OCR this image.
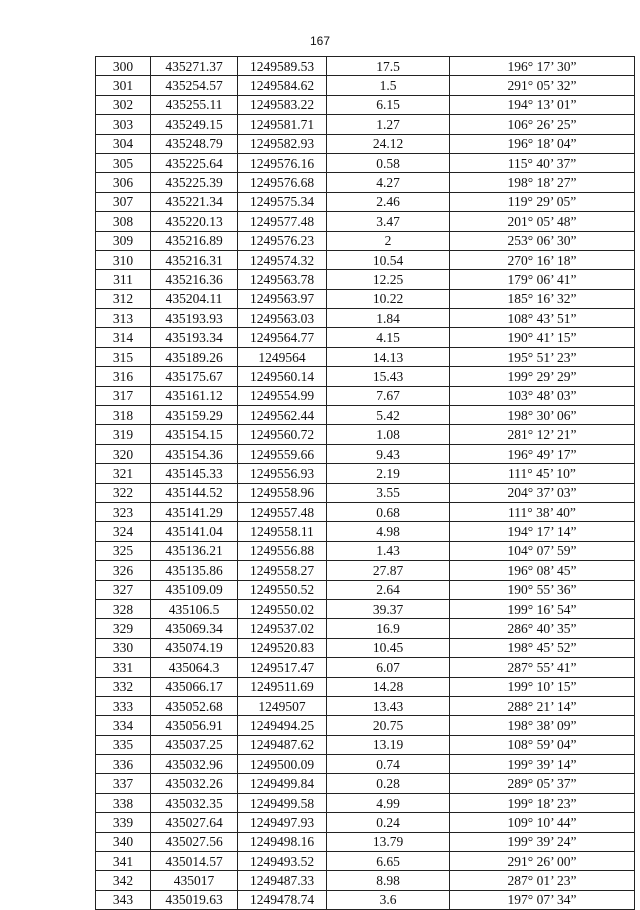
167
300	435271.37	1249589.53	17.5	196° 17’ 30”
301	435254.57	1249584.62	1.5	291° 05’ 32”
302	435255.11	1249583.22	6.15	194° 13’ 01”
303	435249.15	1249581.71	1.27	106° 26’ 25”
304	435248.79	1249582.93	24.12	196° 18’ 04”
305	435225.64	1249576.16	0.58	115° 40’ 37”
306	435225.39	1249576.68	4.27	198° 18’ 27”
307	435221.34	1249575.34	2.46	119° 29’ 05”
308	435220.13	1249577.48	3.47	201° 05’ 48”
309	435216.89	1249576.23	2	253° 06’ 30”
310	435216.31	1249574.32	10.54	270° 16’ 18”
311	435216.36	1249563.78	12.25	179° 06’ 41”
312	435204.11	1249563.97	10.22	185° 16’ 32”
313	435193.93	1249563.03	1.84	108° 43’ 51”
314	435193.34	1249564.77	4.15	190° 41’ 15”
315	435189.26	1249564	14.13	195° 51’ 23”
316	435175.67	1249560.14	15.43	199° 29’ 29”
317	435161.12	1249554.99	7.67	103° 48’ 03”
318	435159.29	1249562.44	5.42	198° 30’ 06”
319	435154.15	1249560.72	1.08	281° 12’ 21”
320	435154.36	1249559.66	9.43	196° 49’ 17”
321	435145.33	1249556.93	2.19	111° 45’ 10”
322	435144.52	1249558.96	3.55	204° 37’ 03”
323	435141.29	1249557.48	0.68	111° 38’ 40”
324	435141.04	1249558.11	4.98	194° 17’ 14”
325	435136.21	1249556.88	1.43	104° 07’ 59”
326	435135.86	1249558.27	27.87	196° 08’ 45”
327	435109.09	1249550.52	2.64	190° 55’ 36”
328	435106.5	1249550.02	39.37	199° 16’ 54”
329	435069.34	1249537.02	16.9	286° 40’ 35”
330	435074.19	1249520.83	10.45	198° 45’ 52”
331	435064.3	1249517.47	6.07	287° 55’ 41”
332	435066.17	1249511.69	14.28	199° 10’ 15”
333	435052.68	1249507	13.43	288° 21’ 14”
334	435056.91	1249494.25	20.75	198° 38’ 09”
335	435037.25	1249487.62	13.19	108° 59’ 04”
336	435032.96	1249500.09	0.74	199° 39’ 14”
337	435032.26	1249499.84	0.28	289° 05’ 37”
338	435032.35	1249499.58	4.99	199° 18’ 23”
339	435027.64	1249497.93	0.24	109° 10’ 44”
340	435027.56	1249498.16	13.79	199° 39’ 24”
341	435014.57	1249493.52	6.65	291° 26’ 00”
342	435017	1249487.33	8.98	287° 01’ 23”
343	435019.63	1249478.74	3.6	197° 07’ 34”
